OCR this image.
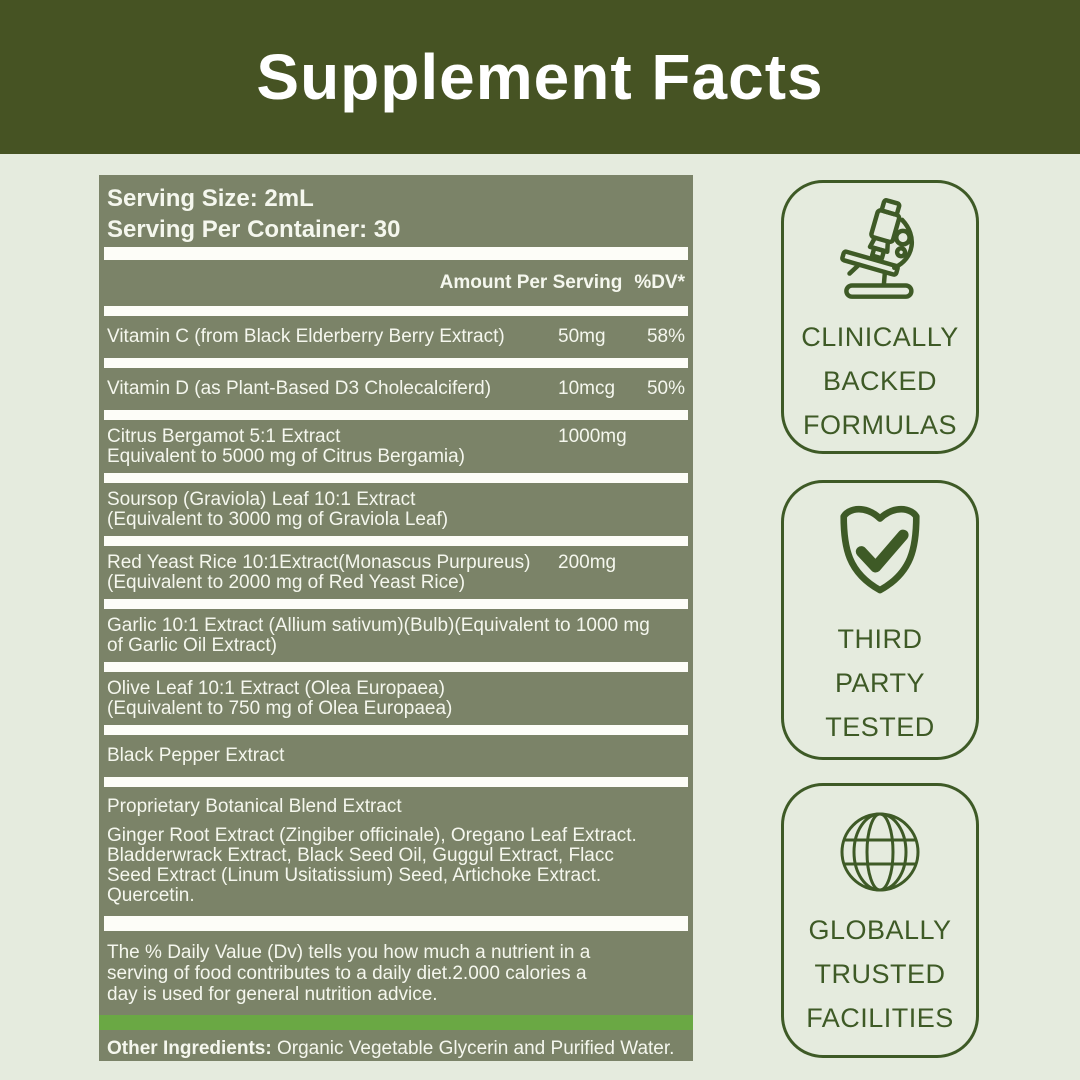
Supplement Facts
Serving Size: 2mL
Serving Per Container: 30
Amount Per Serving %DV*
Vitamin C (from Black Elderberry Berry Extract)	50mg 58%
Vitamin D (as Plant-Based D3 Cholecalciferd)	10mcg 50%
Citrus Bergamot 5:1 Extract
Equivalent to 5000 mg of Citrus Bergamia)
1000mg
Soursop (Graviola) Leaf 10:1 Extract
(Equivalent to 3000 mg of Graviola Leaf)
Red Yeast Rice 10:1Extract(Monascus Purpureus)
(Equivalent to 2000 mg of Red Yeast Rice)
200mg
Garlic 10:1 Extract (Allium sativum)(Bulb)(Equivalent to 1000 mg
of Garlic Oil Extract)
Olive Leaf 10:1 Extract (Olea Europaea)
(Equivalent to 750 mg of Olea Europaea)
Black Pepper Extract
Proprietary Botanical Blend Extract
Ginger Root Extract (Zingiber officinale), Oregano Leaf Extract.
Bladderwrack Extract, Black Seed Oil, Guggul Extract, Flacc
Seed Extract (Linum Usitatissium) Seed, Artichoke Extract.
Quercetin.
The % Daily Value (Dv) tells you how much a nutrient in a
serving of food contributes to a daily diet.2.000 calories a
day is used for general nutrition advice.
Other Ingredients: Organic Vegetable Glycerin and Purified Water.
CLINICALLY
BACKED
FORMULAS
THIRD
PARTY
TESTED
GLOBALLY
TRUSTED
FACILITIES
